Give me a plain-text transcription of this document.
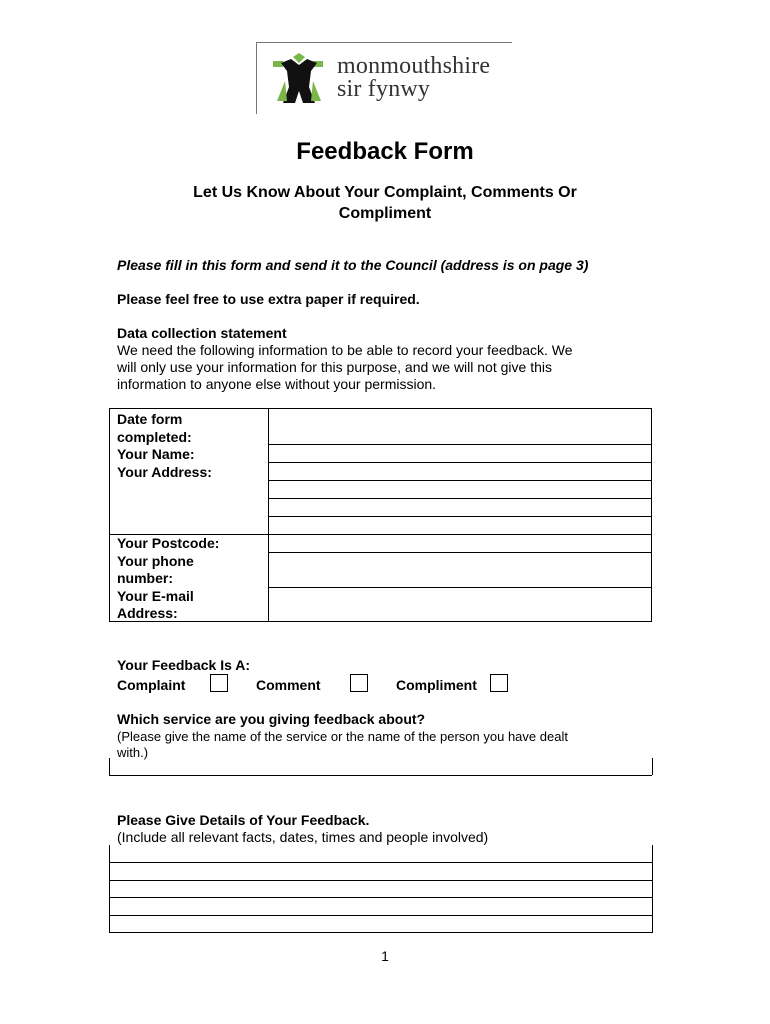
monmouthshire
sir fynwy
Feedback Form
Let Us Know About Your Complaint, Comments Or Compliment
Please fill in this form and send it to the Council (address is on page 3)
Please feel free to use extra paper if required.
Data collection statement
We need the following information to be able to record your feedback. We
will only use your information for this purpose, and we will not give this
information to anyone else without your permission.
Date form
completed:
Your Name:
Your Address:
Your Postcode:
Your phone
number:
Your E-mail
Address:
Your Feedback Is A:
Complaint	Comment	Compliment
Which service are you giving feedback about?
(Please give the name of the service or the name of the person you have dealt
with.)
Please Give Details of Your Feedback.
(Include all relevant facts, dates, times and people involved)
1
